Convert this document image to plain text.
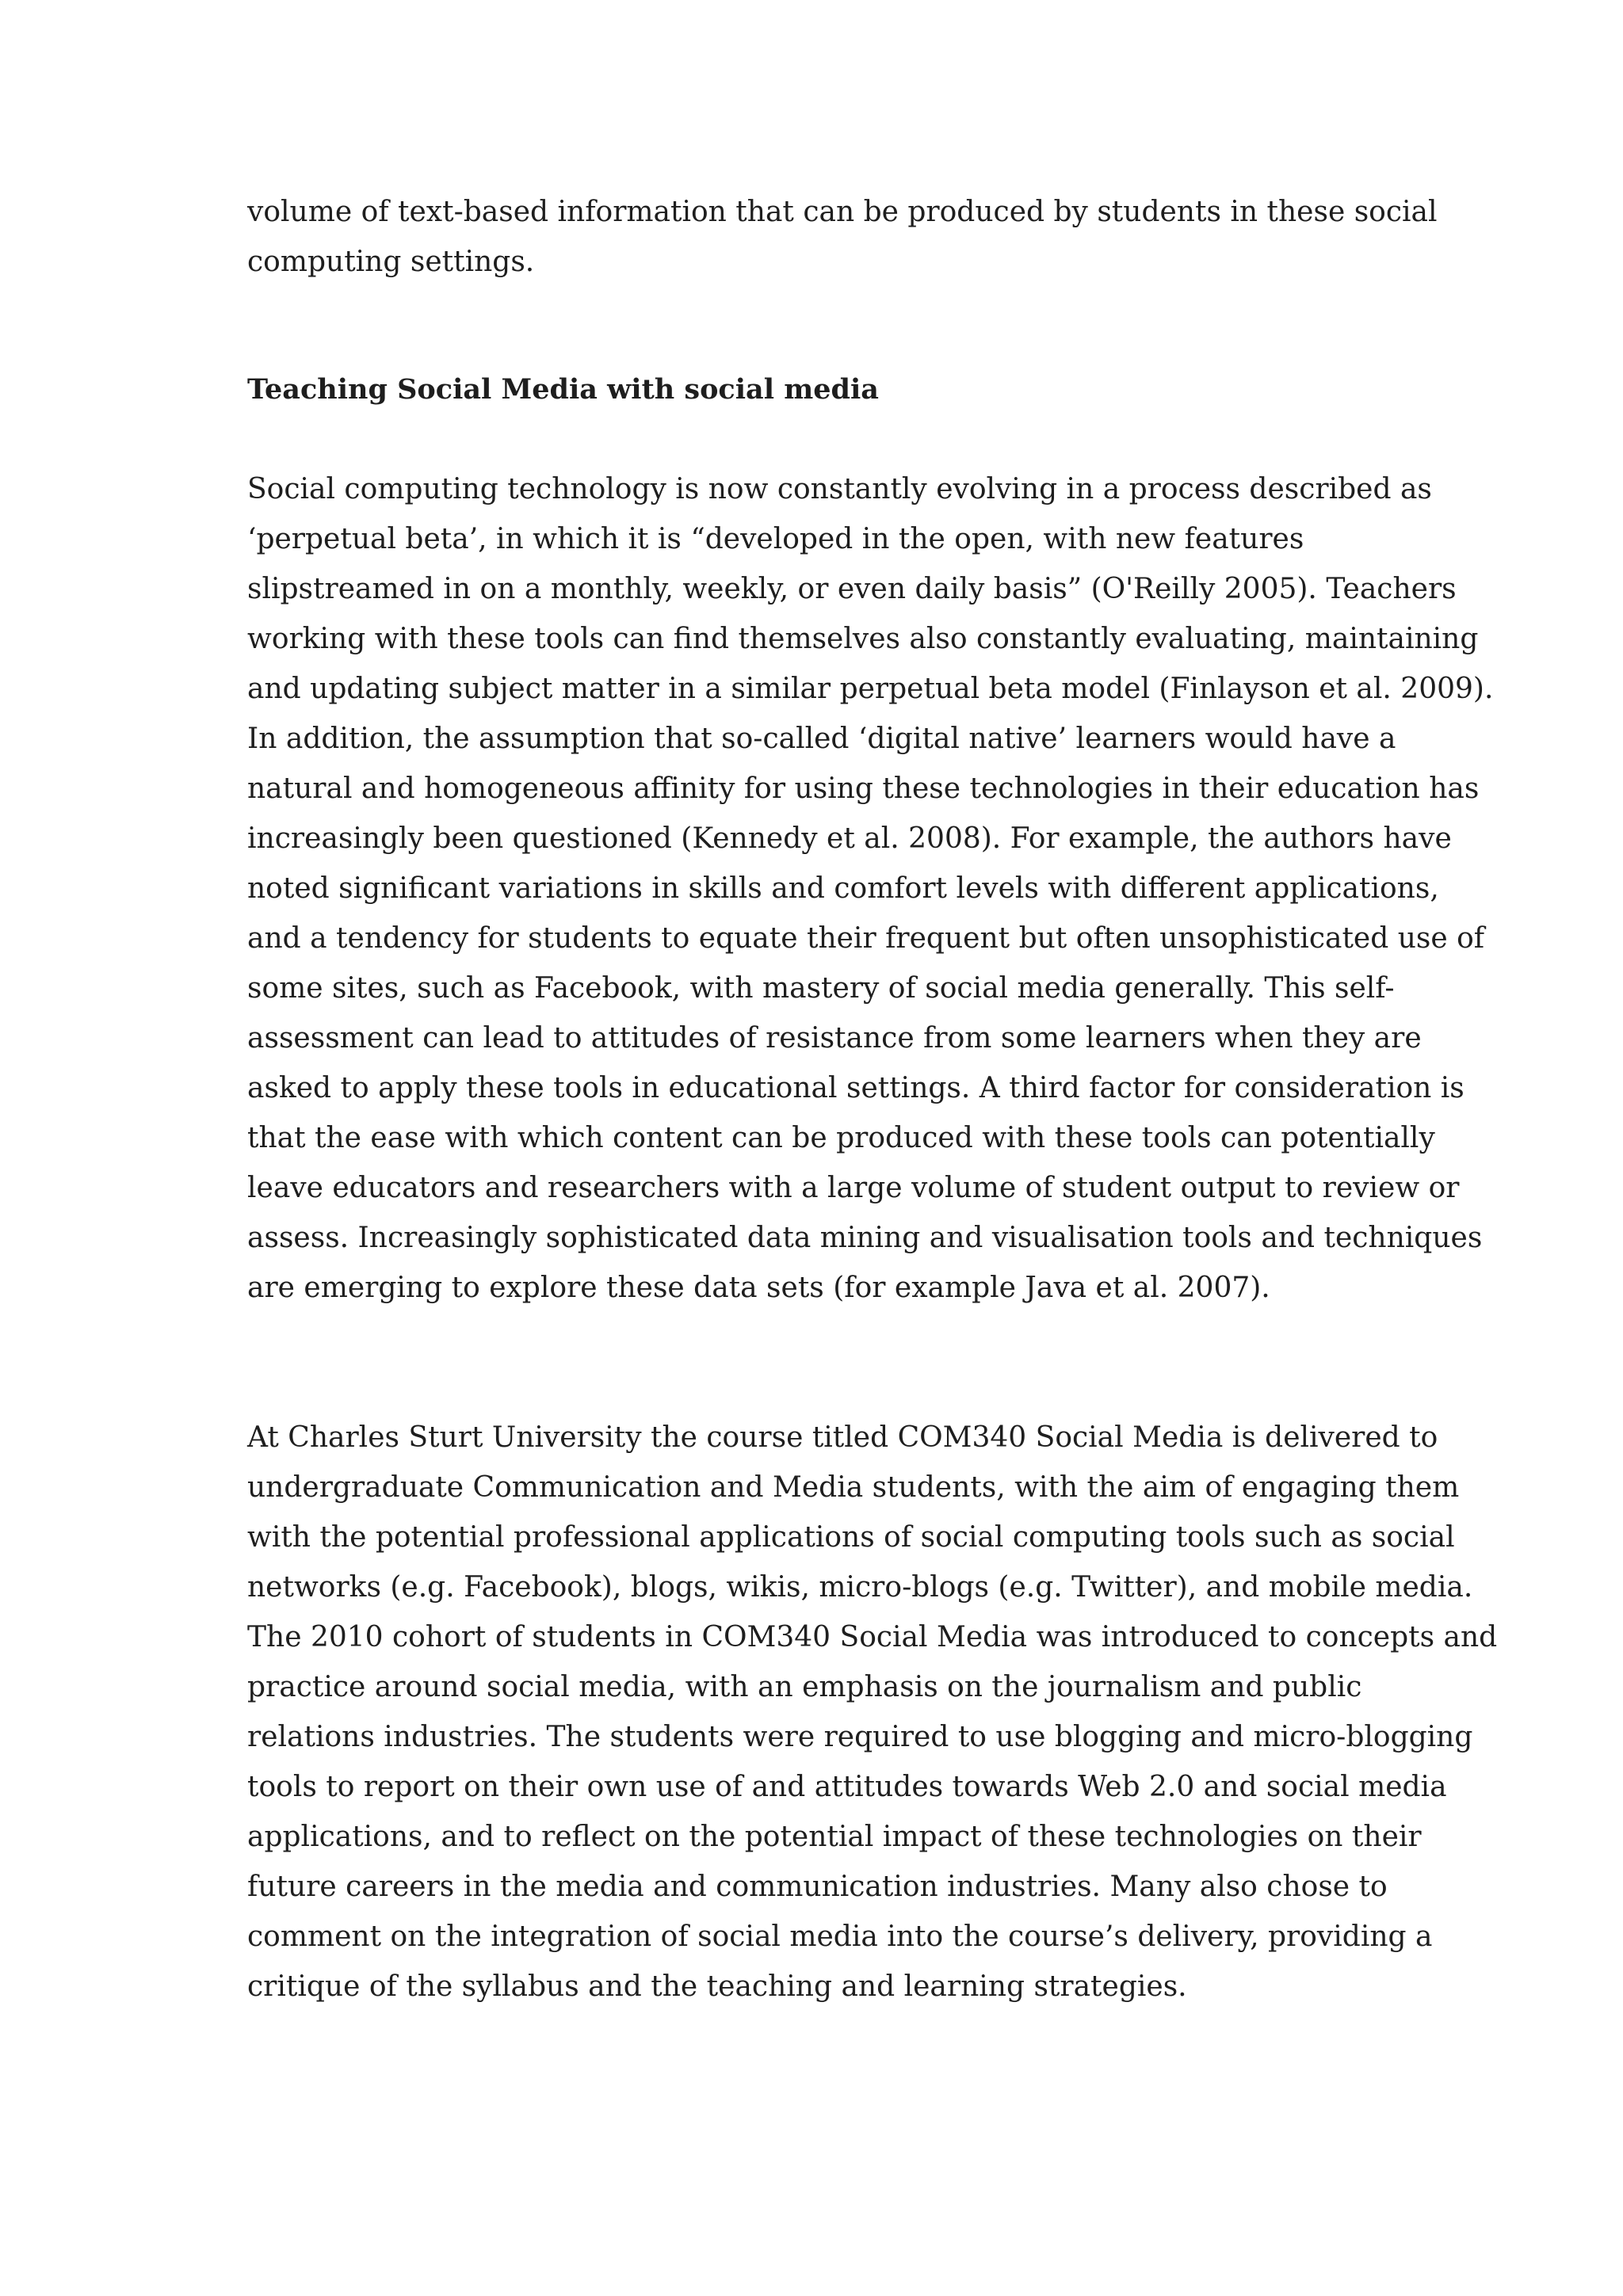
volume of text-based information that can be produced by students in these social
computing settings.
Teaching Social Media with social media
Social computing technology is now constantly evolving in a process described as
‘perpetual beta’, in which it is “developed in the open, with new features
slipstreamed in on a monthly, weekly, or even daily basis” (O'Reilly 2005). Teachers
working with these tools can find themselves also constantly evaluating, maintaining
and updating subject matter in a similar perpetual beta model (Finlayson et al. 2009).
In addition, the assumption that so-called ‘digital native’ learners would have a
natural and homogeneous affinity for using these technologies in their education has
increasingly been questioned (Kennedy et al. 2008). For example, the authors have
noted significant variations in skills and comfort levels with different applications,
and a tendency for students to equate their frequent but often unsophisticated use of
some sites, such as Facebook, with mastery of social media generally. This self-
assessment can lead to attitudes of resistance from some learners when they are
asked to apply these tools in educational settings. A third factor for consideration is
that the ease with which content can be produced with these tools can potentially
leave educators and researchers with a large volume of student output to review or
assess. Increasingly sophisticated data mining and visualisation tools and techniques
are emerging to explore these data sets (for example Java et al. 2007).
At Charles Sturt University the course titled COM340 Social Media is delivered to
undergraduate Communication and Media students, with the aim of engaging them
with the potential professional applications of social computing tools such as social
networks (e.g. Facebook), blogs, wikis, micro-blogs (e.g. Twitter), and mobile media.
The 2010 cohort of students in COM340 Social Media was introduced to concepts and
practice around social media, with an emphasis on the journalism and public
relations industries. The students were required to use blogging and micro-blogging
tools to report on their own use of and attitudes towards Web 2.0 and social media
applications, and to reflect on the potential impact of these technologies on their
future careers in the media and communication industries. Many also chose to
comment on the integration of social media into the course’s delivery, providing a
critique of the syllabus and the teaching and learning strategies.
